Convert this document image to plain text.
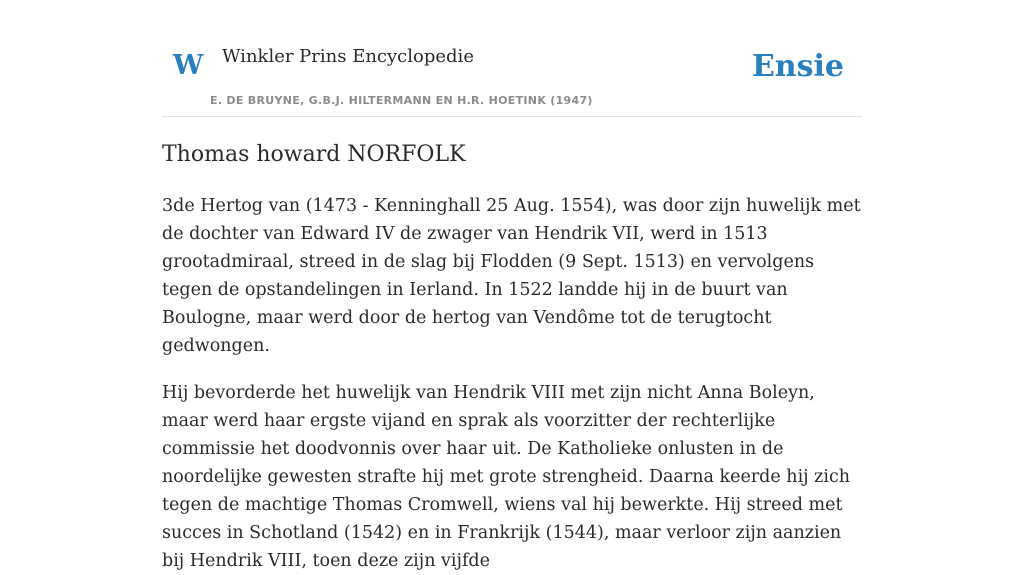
W Winkler Prins Encyclopedie
E. DE BRUYNE, G.B.J. HILTERMANN EN H.R. HOETINK (1947)
Ensie
Thomas howard NORFOLK

3de Hertog van (1473 - Kenninghall 25 Aug. 1554), was door zijn huwelijk met de dochter van Edward IV de zwager van Hendrik VII, werd in 1513 grootadmiraal, streed in de slag bij Flodden (9 Sept. 1513) en vervolgens tegen de opstandelingen in Ierland. In 1522 landde hij in de buurt van Boulogne, maar werd door de hertog van Vendôme tot de terugtocht gedwongen.

Hij bevorderde het huwelijk van Hendrik VIII met zijn nicht Anna Boleyn, maar werd haar ergste vijand en sprak als voorzitter der rechterlijke commissie het doodvonnis over haar uit. De Katholieke onlusten in de noordelijke gewesten strafte hij met grote strengheid. Daarna keerde hij zich tegen de machtige Thomas Cromwell, wiens val hij bewerkte. Hij streed met succes in Schotland (1542) en in Frankrijk (1544), maar verloor zijn aanzien bij Hendrik VIII, toen deze zijn vijfde
